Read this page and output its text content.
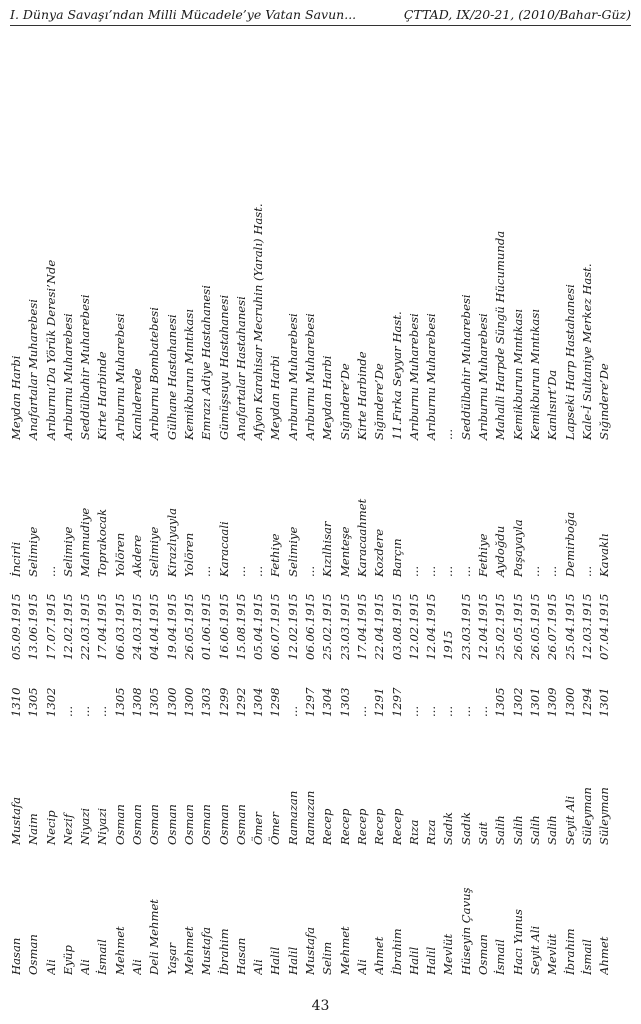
I. Dünya Savaşı’ndan Milli Mücadele’ye Vatan Savun...	ÇTTAD, IX/20-21, (2010/Bahar-Güz)
Hasan
Mustafa
1310
05.09.1915
İncirli
Meydan Harbi
Osman
Naim
1305
13.06.1915
Selimiye
Anafartalar Muharebesi
Ali
Necip
1302
17.07.1915
...
Arıburnu’Da Yörük Deresi’Nde
Eyüp
Nezif
...
12.02.1915
Selimiye
Arıburnu Muharebesi
Ali
Niyazi
...
22.03.1915
Mahmudiye
Seddülbahir Muharebesi
İsmail
Niyazi
...
17.04.1915
Toprakocak
Kirte Harbinde
Mehmet
Osman
1305
06.03.1915
Yolören
Arıburnu Muharebesi
Ali
Osman
1308
24.03.1915
Akdere
Kanlıderede
Deli Mehmet
Osman
1305
04.04.1915
Selimiye
Arıburnu Bombatebesi
Yaşar
Osman
1300
19.04.1915
Kirazlıyayla
Gülhane Hastahanesi
Mehmet
Osman
1300
26.05.1915
Yolören
Kemikburun Mıntıkası
Mustafa
Osman
1303
01.06.1915
...
Emrazı Adiye Hastahanesi
İbrahim
Osman
1299
16.06.1915
Karacaali
Gümüşsuyu Hastahanesi
Hasan
Osman
1292
15.08.1915
...
Anafartalar Hastahanesi
Ali
Ömer
1304
05.04.1915
...
Afyon Karahisar Mecruhin (Yaralı) Hast.
Halil
Ömer
1298
06.07.1915
Fethiye
Meydan Harbi
Halil
Ramazan
...
12.02.1915
Selimiye
Arıburnu Muharebesi
Mustafa
Ramazan
1297
06.06.1915
...
Arıburnu Muharebesi
Selim
Recep
1304
25.02.1915
Kızılhisar
Meydan Harbi
Mehmet
Recep
1303
23.03.1915
Menteşe
Sığındere’De
Ali
Recep
...
17.04.1915
Karacaahmet
Kirte Harbinde
Ahmet
Recep
1291
22.04.1915
Kozdere
Sığındere’De
İbrahim
Recep
1297
03.08.1915
Barçın
11.Fırka Seyyar Hast.
Halil
Rıza
...
12.02.1915
...
Arıburnu Muharebesi
Halil
Rıza
...
12.04.1915
...
Arıburnu Muharebesi
Mevlüt
Sadık
...
1915
...
...
Hüseyin Çavuş
Sadık
...
23.03.1915
...
Seddülbahir Muharebesi
Osman
Sait
...
12.04.1915
Fethiye
Arıburnu Muharebesi
İsmail
Salih
1305
25.02.1915
Aydoğdu
Mahalli Harpde Süngü Hücumunda
Hacı Yunus
Salih
1302
26.05.1915
Paşayayla
Kemikburun Mıntıkası
Seyit Ali
Salih
1301
26.05.1915
...
Kemikburun Mıntıkası
Mevlüt
Salih
1309
26.07.1915
...
Kanlısırt’Da
İbrahim
Seyit Ali
1300
25.04.1915
Demirboğa
Lapseki Harp Hastahanesi
İsmail
Süleyman
1294
12.03.1915
...
Kale-İ Sultaniye Merkez Hast.
Ahmet
Süleyman
1301
07.04.1915
Kavaklı
Sığındere’De
43
